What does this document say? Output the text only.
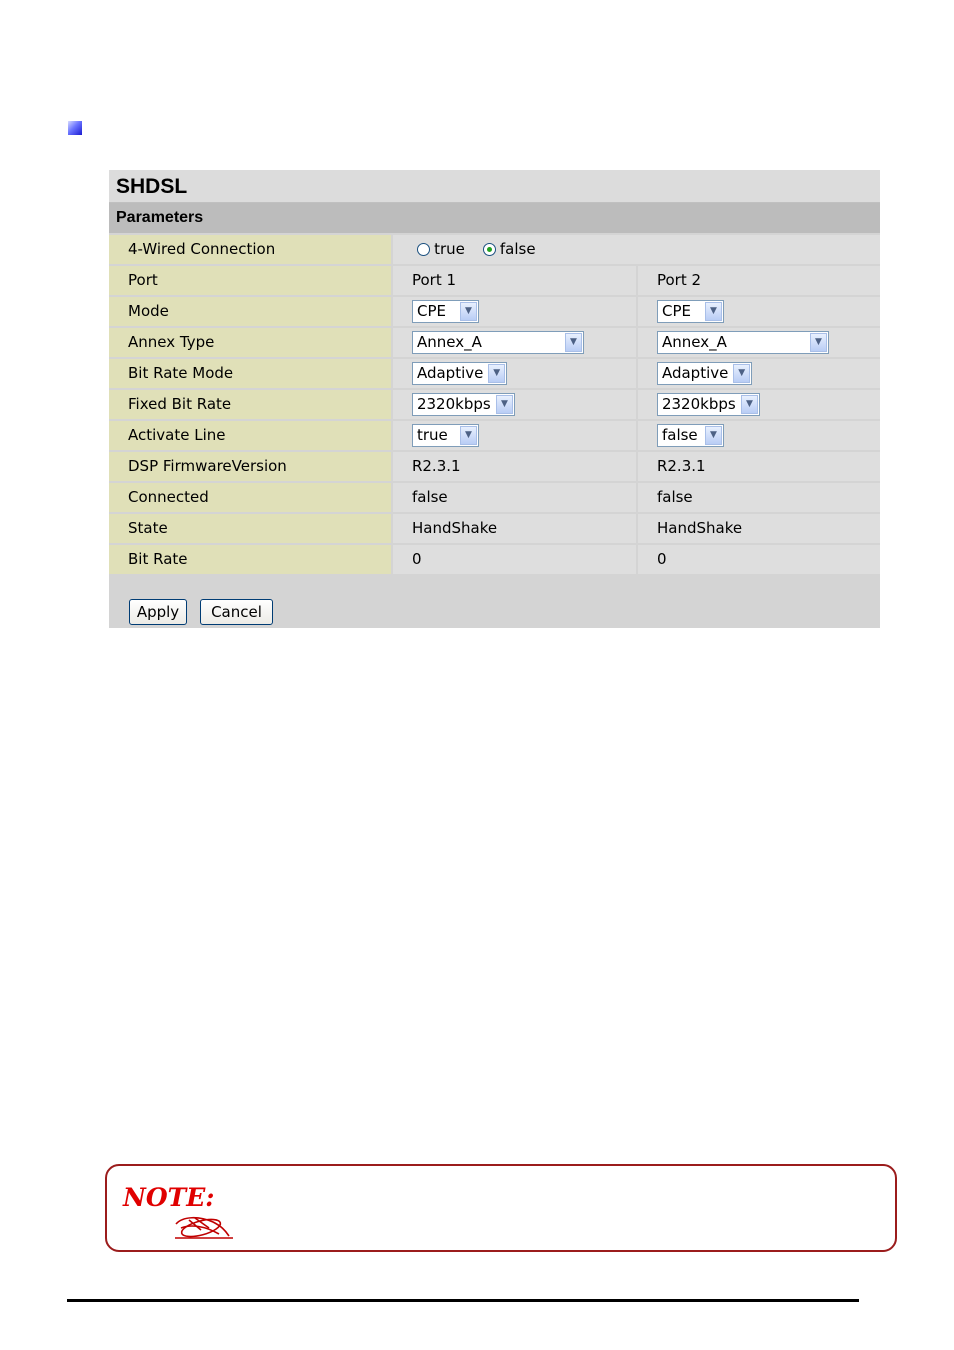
SHDSL
Parameters
4-Wired Connection	true false
Port	Port 1	Port 2
Mode	CPE	▼	CPE	▼
Annex Type	Annex_A	▼	Annex_A	▼
Bit Rate Mode	Adaptive	▼	Adaptive	▼
Fixed Bit Rate	2320kbps	▼	2320kbps	▼
Activate Line	true	▼	false	▼
DSP FirmwareVersion	R2.3.1	R2.3.1
Connected	false	false
State	HandShake	HandShake
Bit Rate	0	0
Apply	Cancel
NOTE:
